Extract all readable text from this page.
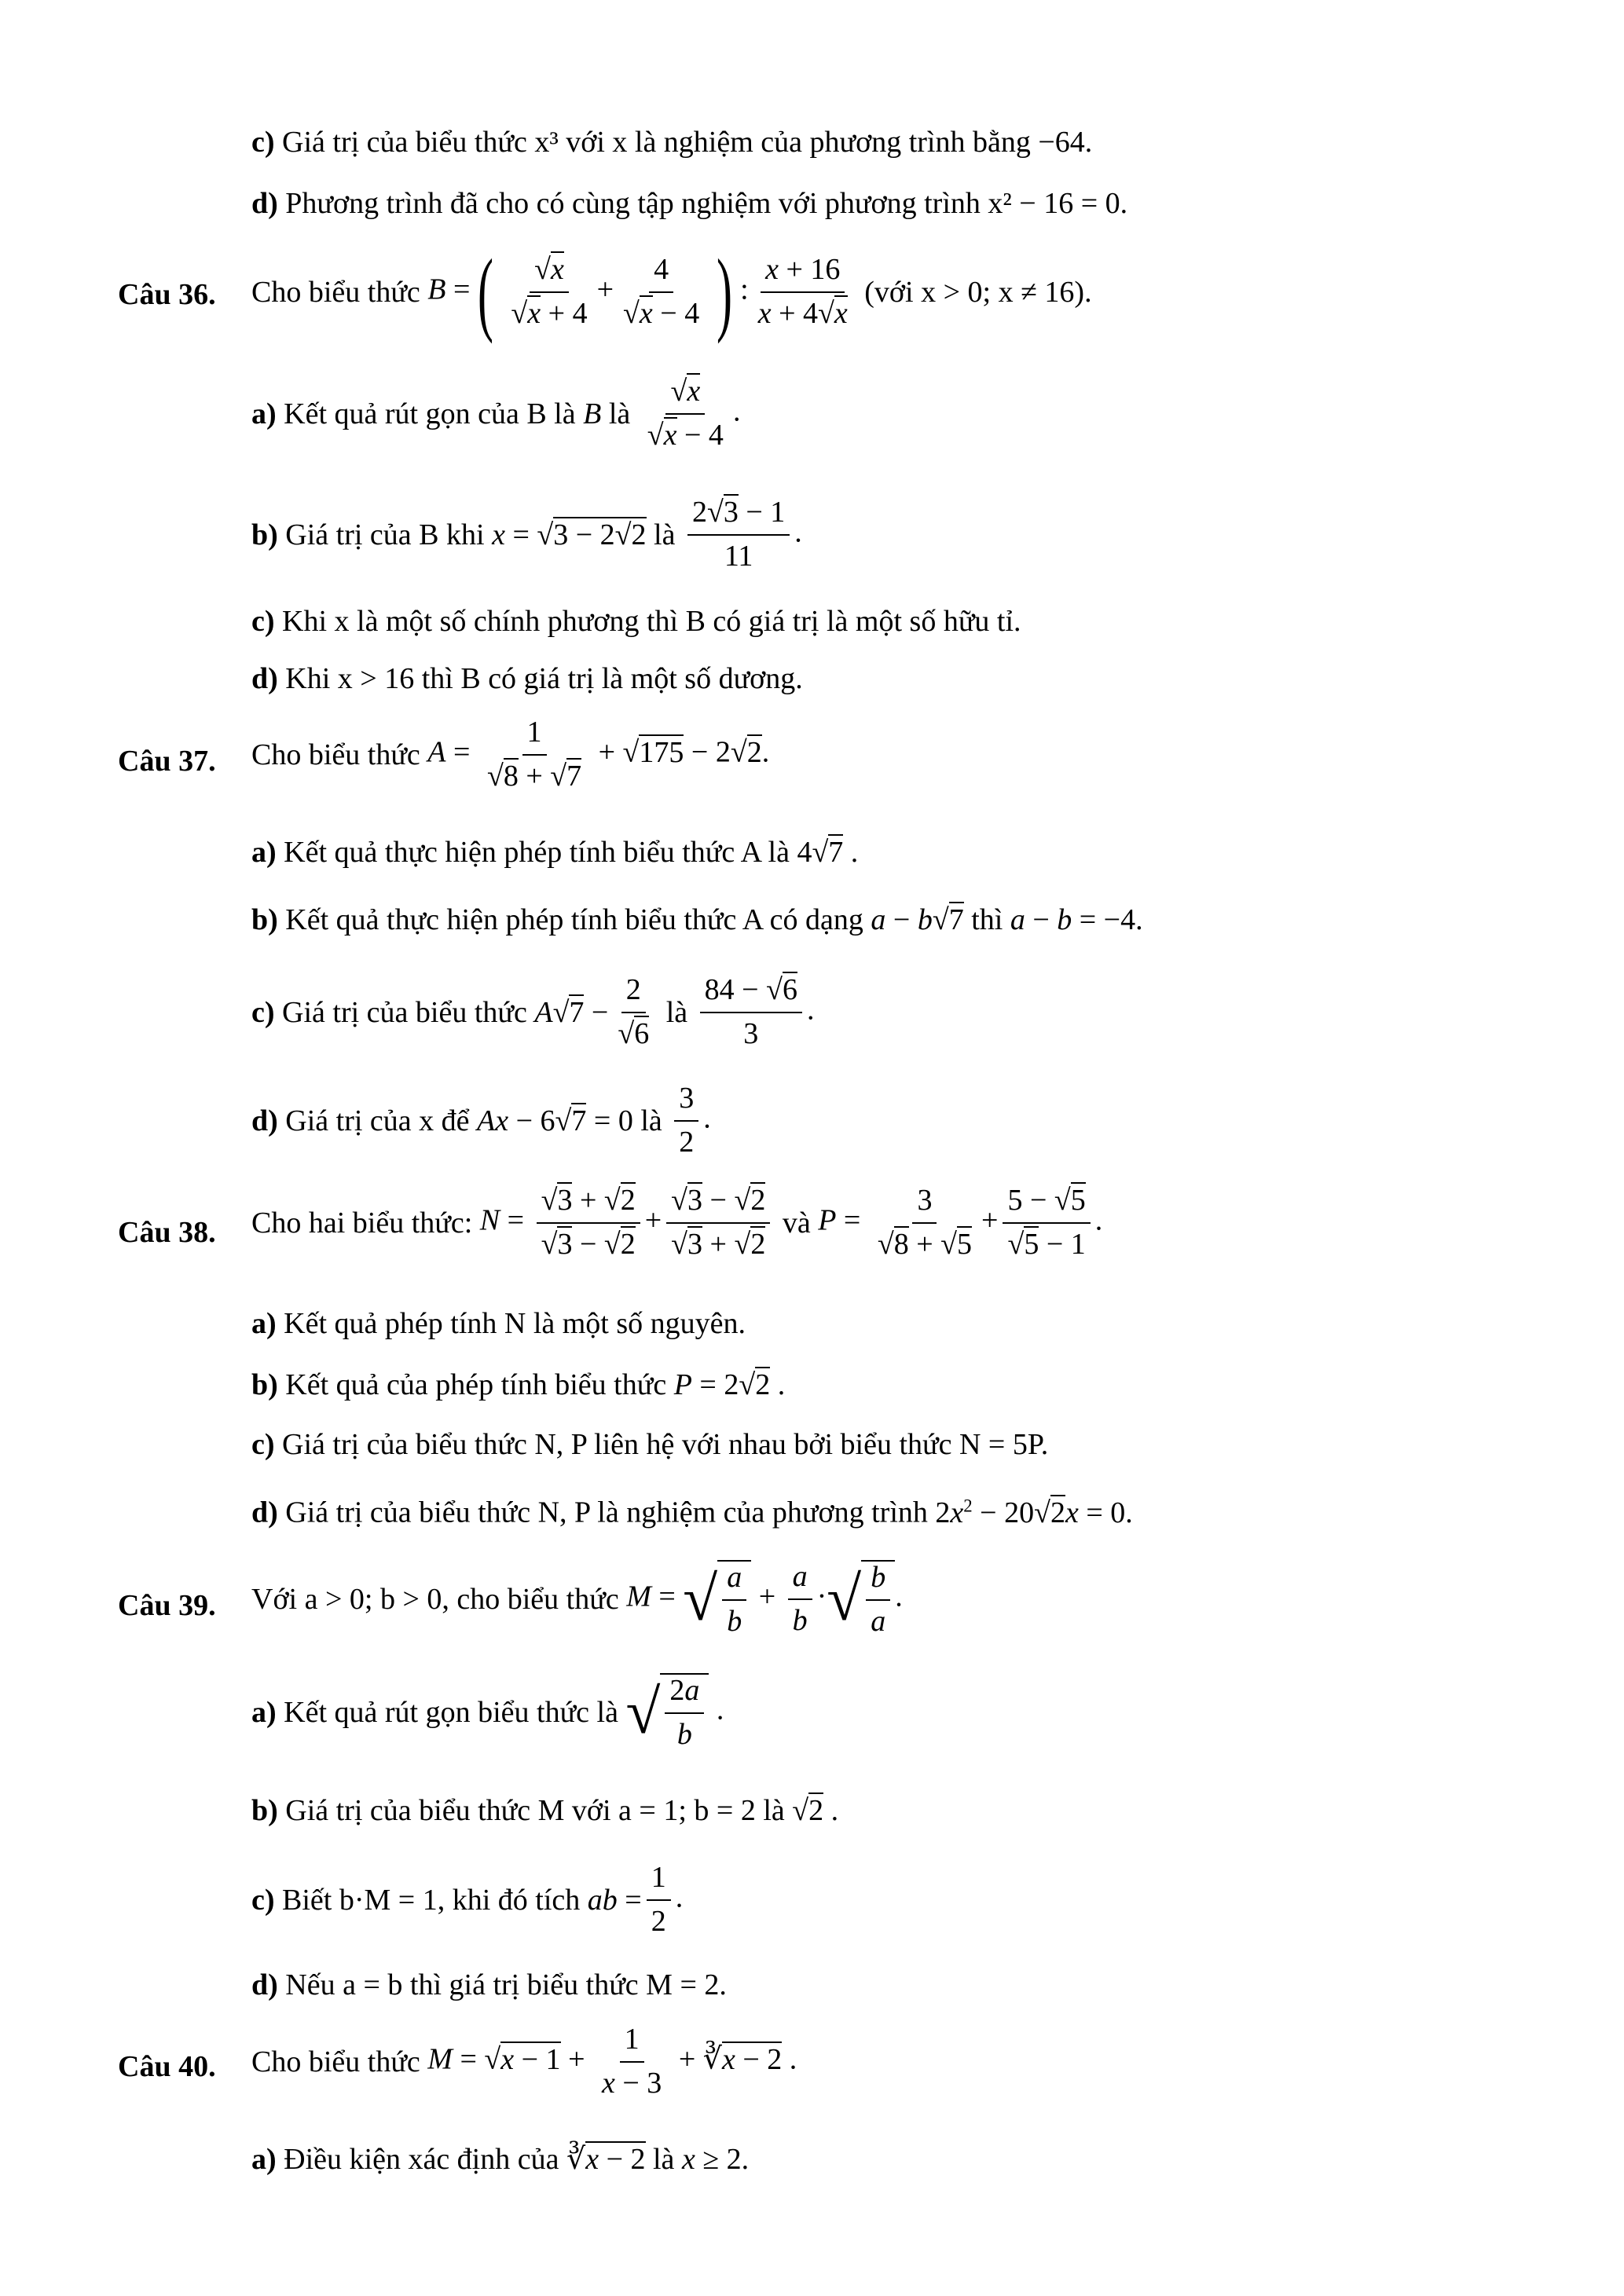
c) Giá trị của biểu thức x³ với x là nghiệm của phương trình bằng −64.
d) Phương trình đã cho có cùng tập nghiệm với phương trình x² − 16 = 0.
Câu 36. Cho biểu thức B =( $\frac{√x}{√x + 4} + \frac{4}{√x - 4}$ ) : $\frac{x + 16}{x + 4√x}$ (với x > 0; x ≠ 16).
a) Kết quả rút gọn của B là B là $\frac{√x}{√x - 4}$ .
b) Giá trị của B khi x = √3 − 2√2 là $\frac{2√3 - 1}{11}$ .
c) Khi x là một số chính phương thì B có giá trị là một số hữu tỉ.
d) Khi x > 16 thì B có giá trị là một số dương.
Câu 37. Cho biểu thức $A = \frac{1}{√8 + √7} + √175 - 2√2$.
a) Kết quả thực hiện phép tính biểu thức A là 4√7 .
b) Kết quả thực hiện phép tính biểu thức A có dạng a − b√7 thì a − b = −4.
c) Giá trị của biểu thức $A√7 - \frac{2}{√6}$ là $\frac{84 - √6}{3}$ .
d) Giá trị của x để Ax − 6√7 = 0 là $\frac{3}{2}$ .
Câu 38. Cho hai biểu thức: $N = \frac{√3 + √2}{√3 - √2} + \frac{√3 - √2}{√3 + √2}$ và $P = \frac{3}{√8 + √5} + \frac{5 - √5}{√5 - 1}$ .
a) Kết quả phép tính N là một số nguyên.
b) Kết quả của phép tính biểu thức P = 2√2 .
c) Giá trị của biểu thức N, P liên hệ với nhau bởi biểu thức N = 5P.
d) Giá trị của biểu thức N, P là nghiệm của phương trình $2x^2 - 20√2x = 0$.
Câu 39. Với a > 0; b > 0, cho biểu thức M = √ $\frac{a}{b} + \frac{a}{b}$ ·√ $\frac{b}{a}$ .
a) Kết quả rút gọn biểu thức là √ $\frac{2a}{b}$ .
b) Giá trị của biểu thức M với a = 1; b = 2 là √2 .
c) Biết b·M = 1, khi đó tích ab = $\frac{1}{2}$ .
d) Nếu a = b thì giá trị biểu thức M = 2.
Câu 40. Cho biểu thức $M = √x - 1 + \frac{1}{x - 3}$ + ∛x − 2 .
a) Điều kiện xác định của ∛x − 2 là x ≥ 2.
